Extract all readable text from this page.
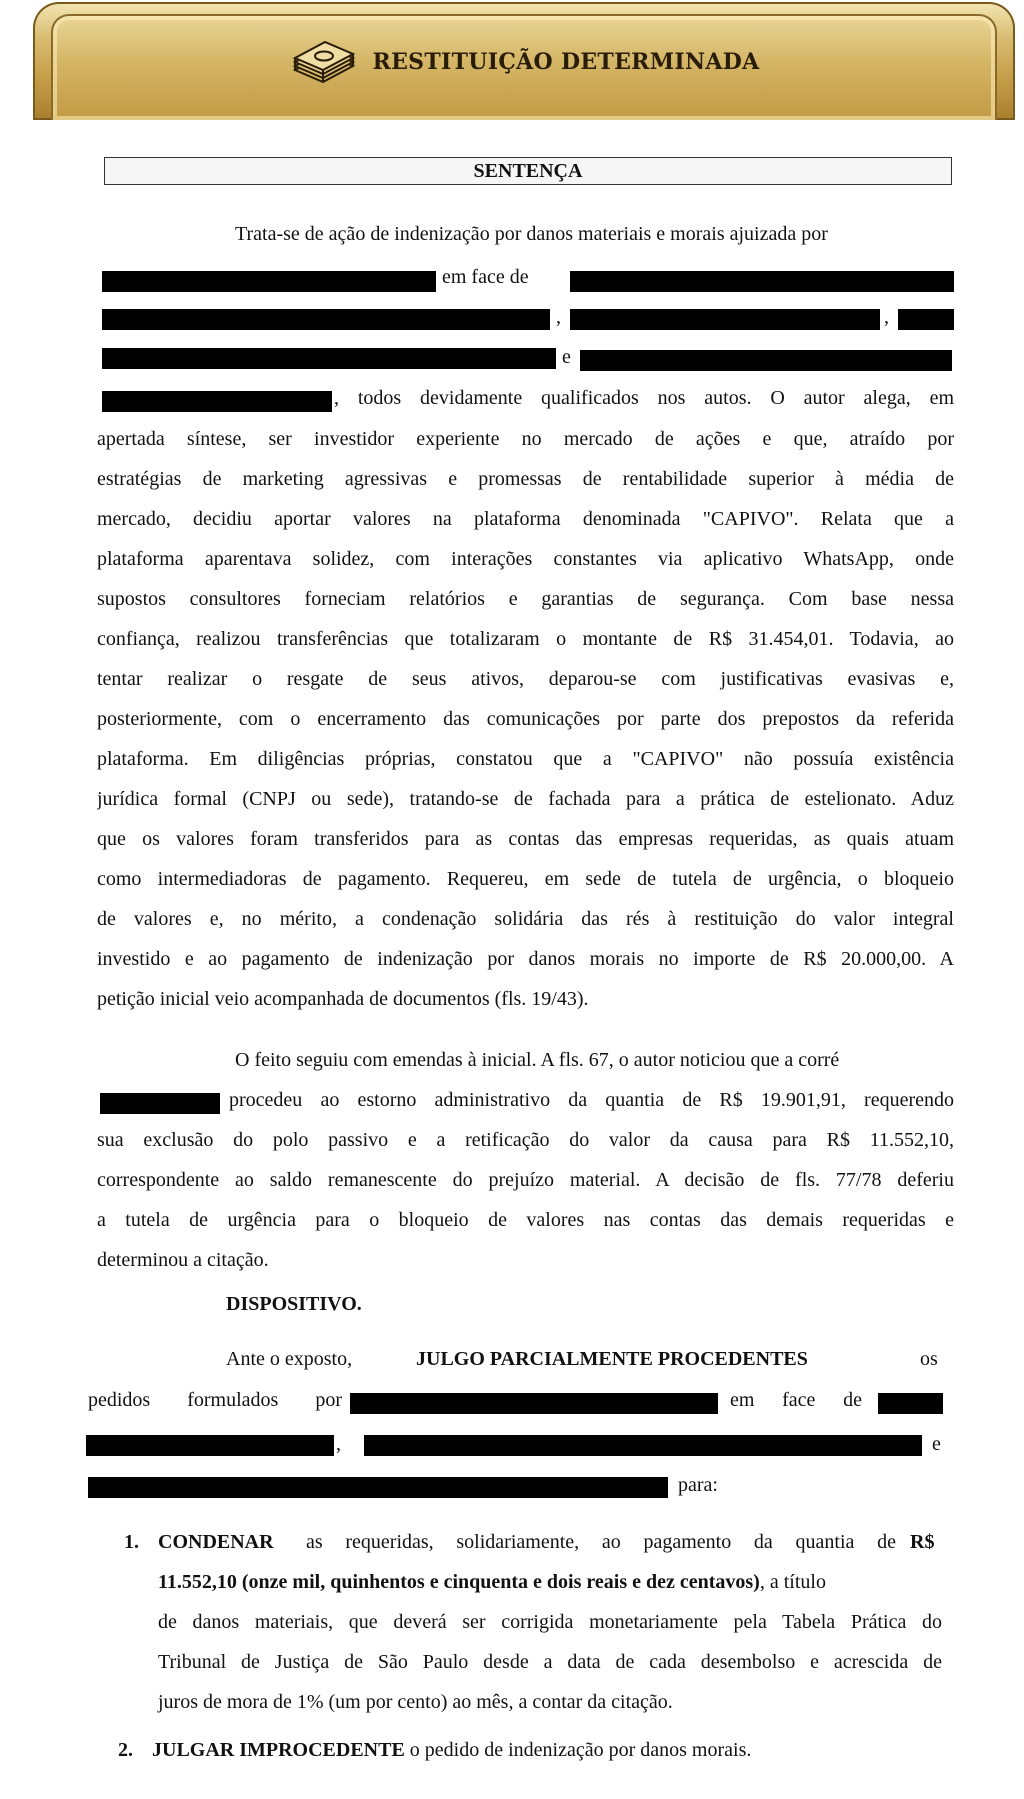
RESTITUIÇÃO DETERMINADA
SENTENÇA
Trata-se de ação de indenização por danos materiais e morais ajuizada por
em face de
,	,
e
, todos devidamente qualificados nos autos. O autor alega, em
apertada síntese, ser investidor experiente no mercado de ações e que, atraído por
estratégias de marketing agressivas e promessas de rentabilidade superior à média de
mercado, decidiu aportar valores na plataforma denominada "CAPIVO". Relata que a
plataforma aparentava solidez, com interações constantes via aplicativo WhatsApp, onde
supostos consultores forneciam relatórios e garantias de segurança. Com base nessa
confiança, realizou transferências que totalizaram o montante de R$ 31.454,01. Todavia, ao
tentar realizar o resgate de seus ativos, deparou-se com justificativas evasivas e,
posteriormente, com o encerramento das comunicações por parte dos prepostos da referida
plataforma. Em diligências próprias, constatou que a "CAPIVO" não possuía existência
jurídica formal (CNPJ ou sede), tratando-se de fachada para a prática de estelionato. Aduz
que os valores foram transferidos para as contas das empresas requeridas, as quais atuam
como intermediadoras de pagamento. Requereu, em sede de tutela de urgência, o bloqueio
de valores e, no mérito, a condenação solidária das rés à restituição do valor integral
investido e ao pagamento de indenização por danos morais no importe de R$ 20.000,00. A
petição inicial veio acompanhada de documentos (fls. 19/43).
O feito seguiu com emendas à inicial. A fls. 67, o autor noticiou que a corré
procedeu ao estorno administrativo da quantia de R$ 19.901,91, requerendo
sua exclusão do polo passivo e a retificação do valor da causa para R$ 11.552,10,
correspondente ao saldo remanescente do prejuízo material. A decisão de fls. 77/78 deferiu
a tutela de urgência para o bloqueio de valores nas contas das demais requeridas e
determinou a citação.
DISPOSITIVO.
Ante o exposto,	JULGO PARCIALMENTE PROCEDENTES	os
pedidos formulados por	em face de
,	e
para:
1. CONDENAR as requeridas, solidariamente, ao pagamento da quantia de R$
11.552,10 (onze mil, quinhentos e cinquenta e dois reais e dez centavos), a título
de danos materiais, que deverá ser corrigida monetariamente pela Tabela Prática do
Tribunal de Justiça de São Paulo desde a data de cada desembolso e acrescida de
juros de mora de 1% (um por cento) ao mês, a contar da citação.
2. JULGAR IMPROCEDENTE o pedido de indenização por danos morais.
